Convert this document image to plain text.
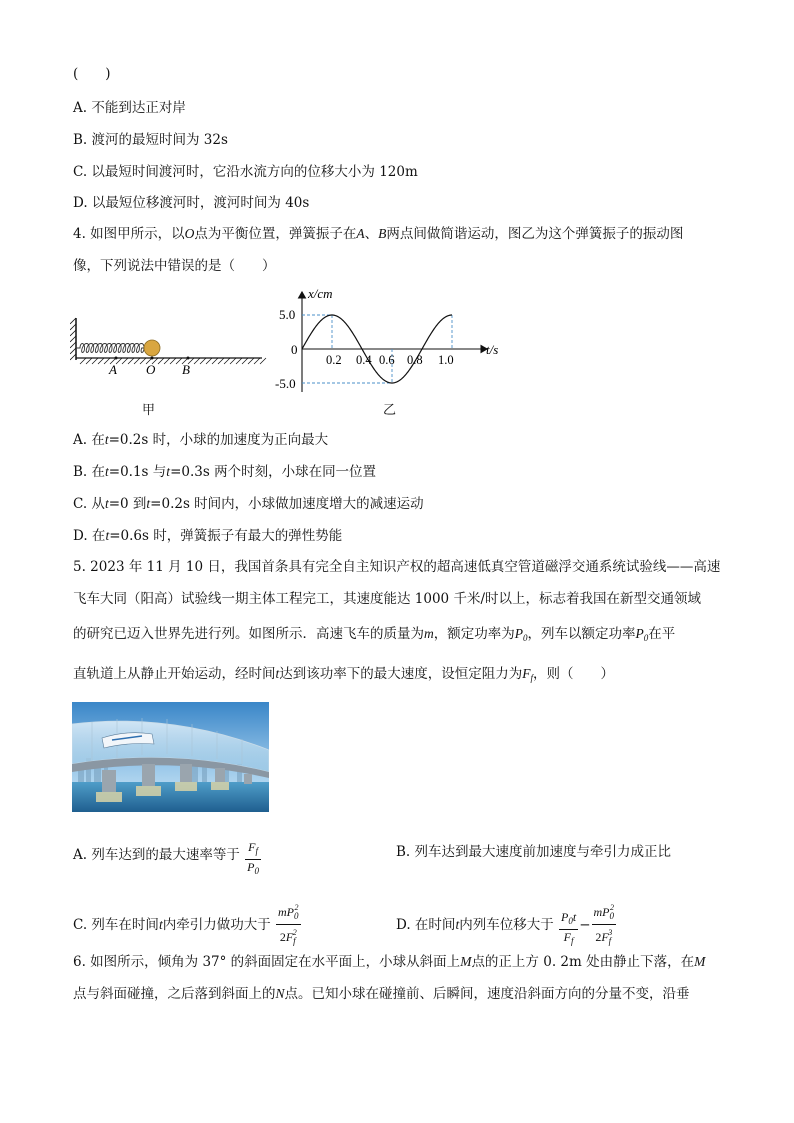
(　　)
A. 不能到达正对岸
B. 渡河的最短时间为 32s
C. 以最短时间渡河时，它沿水流方向的位移大小为 120m
D. 以最短位移渡河时，渡河时间为 40s
4. 如图甲所示，以O点为平衡位置，弹簧振子在A、B两点间做简谐运动，图乙为这个弹簧振子的振动图
像，下列说法中错误的是（　　）
A O B
甲
x/cm
t/s
0
5.0
-5.0
0.2 0.4 0.6 0.8 1.0
乙
A. 在t=0.2s 时，小球的加速度为正向最大
B. 在t=0.1s 与t=0.3s 两个时刻，小球在同一位置
C. 从t=0 到t=0.2s 时间内，小球做加速度增大的减速运动
D. 在t=0.6s 时，弹簧振子有最大的弹性势能
5. 2023 年 11 月 10 日，我国首条具有完全自主知识产权的超高速低真空管道磁浮交通系统试验线——高速
飞车大同（阳高）试验线一期主体工程完工，其速度能达 1000 千米/时以上，标志着我国在新型交通领域
的研究已迈入世界先进行列。如图所示．高速飞车的质量为m，额定功率为$P_0$，列车以额定功率$P_0$在平
直轨道上从静止开始运动，经时间t达到该功率下的最大速度，设恒定阻力为$F_f$，则（　　）
A. 列车达到的最大速率等于 $\frac{F_f}{P_0}$	B. 列车达到最大速度前加速度与牵引力成正比
C. 列车在时间t内牵引力做功大于 $\frac{mP_0^2}{2F_f^2}$	D. 在时间t内列车位移大于 $\frac{P_0t}{F_f} - \frac{mP_0^2}{2F_f^3}$
6. 如图所示，倾角为 37° 的斜面固定在水平面上，小球从斜面上M点的正上方 0. 2m 处由静止下落，在M
点与斜面碰撞，之后落到斜面上的N点。已知小球在碰撞前、后瞬间，速度沿斜面方向的分量不变，沿垂
